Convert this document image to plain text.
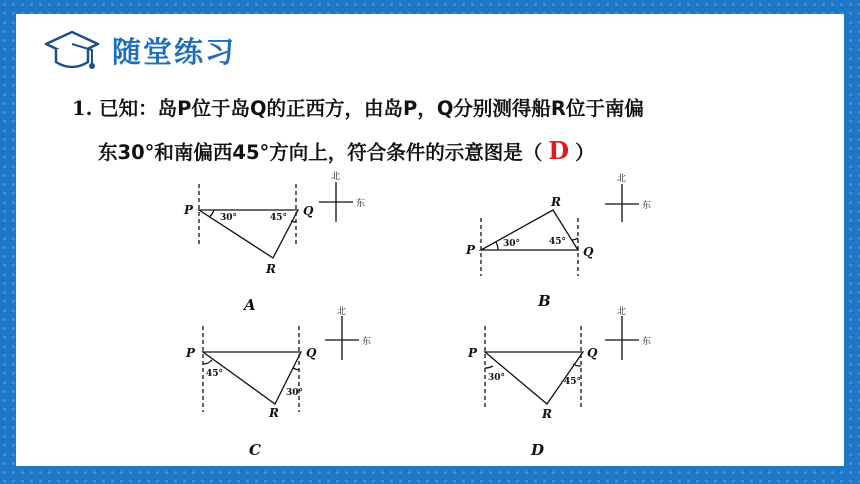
随堂练习
1. 已知：岛P位于岛Q的正西方，由岛P，Q分别测得船R位于南偏
东30°和南偏西45°方向上，符合条件的示意图是（ D ）
P	Q
R
A
P	Q
R
B
P	Q
R
C
P	Q
R
D
30°	45°
30°	45°
45°
30°
30°	45°
北
东
北
东
北
东
北
东
